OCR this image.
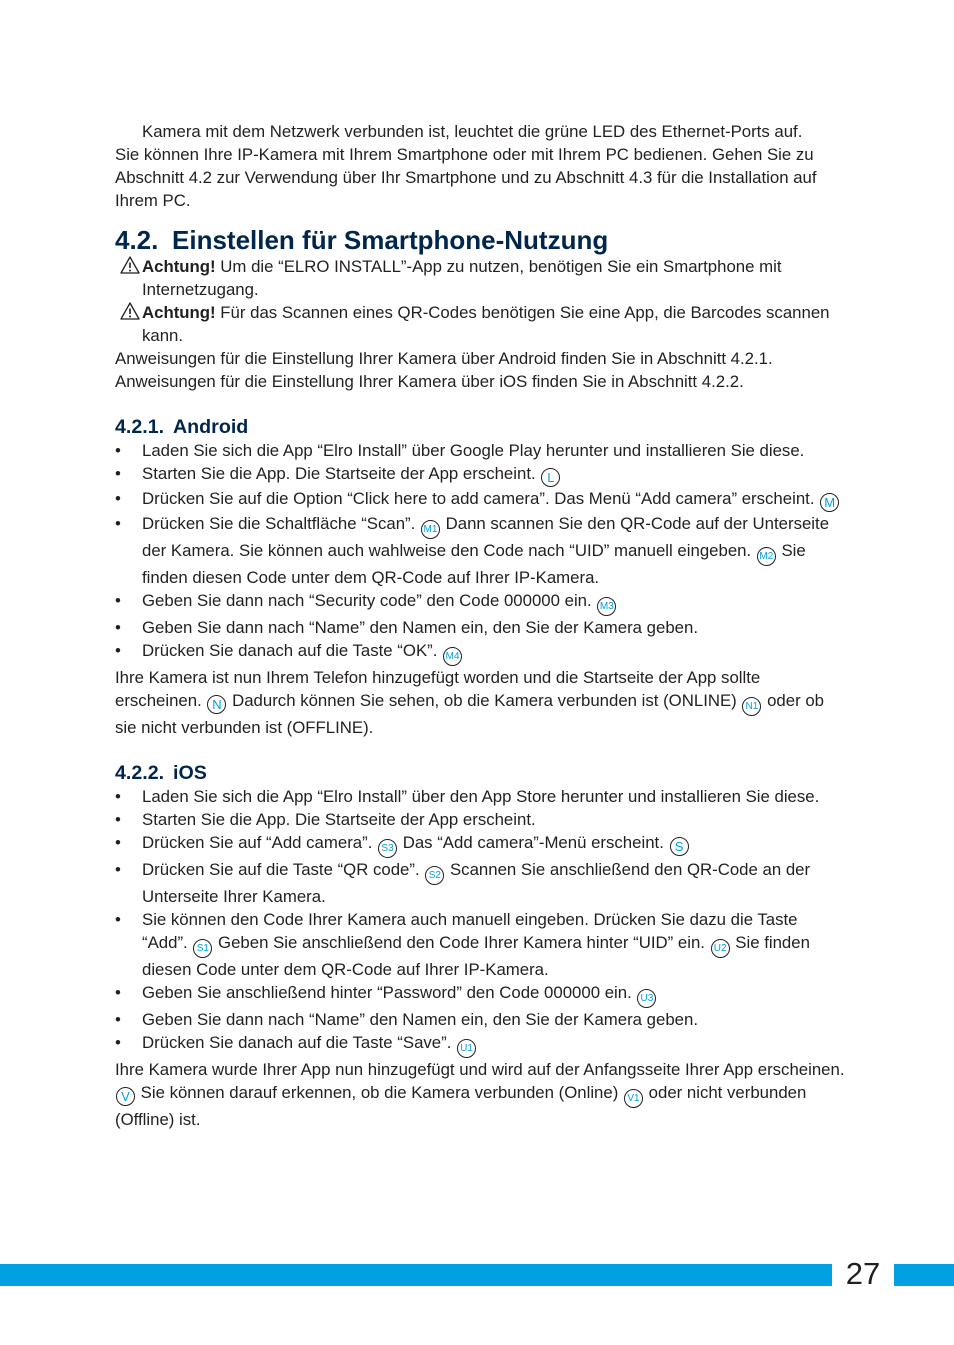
Kamera mit dem Netzwerk verbunden ist, leuchtet die grüne LED des Ethernet-Ports auf.

Sie können Ihre IP-Kamera mit Ihrem Smartphone oder mit Ihrem PC bedienen. Gehen Sie zu Abschnitt 4.2 zur Verwendung über Ihr Smartphone und zu Abschnitt 4.3 für die Installation auf Ihrem PC.

4.2. Einstellen für Smartphone-Nutzung

Achtung! Um die “ELRO INSTALL”-App zu nutzen, benötigen Sie ein Smartphone mit Internetzugang.

Achtung! Für das Scannen eines QR-Codes benötigen Sie eine App, die Barcodes scannen kann.

Anweisungen für die Einstellung Ihrer Kamera über Android finden Sie in Abschnitt 4.2.1.

Anweisungen für die Einstellung Ihrer Kamera über iOS finden Sie in Abschnitt 4.2.2.

4.2.1. Android
• Laden Sie sich die App “Elro Install” über Google Play herunter und installieren Sie diese.
• Starten Sie die App. Die Startseite der App erscheint. L
• Drücken Sie auf die Option “Click here to add camera”. Das Menü “Add camera” erscheint. M
• Drücken Sie die Schaltfläche “Scan”. M1 Dann scannen Sie den QR-Code auf der Unterseite der Kamera. Sie können auch wahlweise den Code nach “UID” manuell eingeben. M2 Sie finden diesen Code unter dem QR-Code auf Ihrer IP-Kamera.
• Geben Sie dann nach “Security code” den Code 000000 ein. M3
• Geben Sie dann nach “Name” den Namen ein, den Sie der Kamera geben.
• Drücken Sie danach auf die Taste “OK”. M4

Ihre Kamera ist nun Ihrem Telefon hinzugefügt worden und die Startseite der App sollte erscheinen. N Dadurch können Sie sehen, ob die Kamera verbunden ist (ONLINE) N1 oder ob sie nicht verbunden ist (OFFLINE).

4.2.2. iOS
• Laden Sie sich die App “Elro Install” über den App Store herunter und installieren Sie diese.
• Starten Sie die App. Die Startseite der App erscheint.
• Drücken Sie auf “Add camera”. S3 Das “Add camera”-Menü erscheint. S
• Drücken Sie auf die Taste “QR code”. S2 Scannen Sie anschließend den QR-Code an der Unterseite Ihrer Kamera.
• Sie können den Code Ihrer Kamera auch manuell eingeben. Drücken Sie dazu die Taste “Add”. S1 Geben Sie anschließend den Code Ihrer Kamera hinter “UID” ein. U2 Sie finden diesen Code unter dem QR-Code auf Ihrer IP-Kamera.
• Geben Sie anschließend hinter “Password” den Code 000000 ein. U3
• Geben Sie dann nach “Name” den Namen ein, den Sie der Kamera geben.
• Drücken Sie danach auf die Taste “Save”. U1

Ihre Kamera wurde Ihrer App nun hinzugefügt und wird auf der Anfangsseite Ihrer App erscheinen. V Sie können darauf erkennen, ob die Kamera verbunden (Online) V1 oder nicht verbunden (Offline) ist.

27
